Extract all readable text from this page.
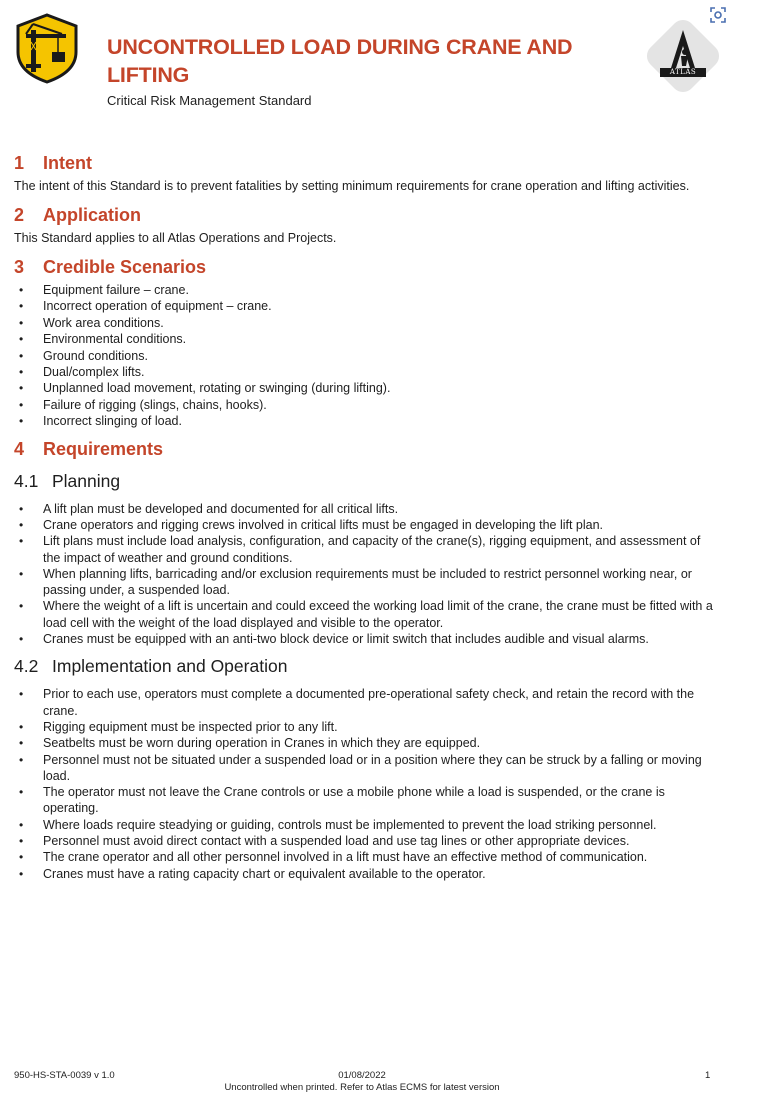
UNCONTROLLED LOAD DURING CRANE AND LIFTING
Critical Risk Management Standard
ATLAS
1	Intent

The intent of this Standard is to prevent fatalities by setting minimum requirements for crane operation and lifting activities.

2	Application

This Standard applies to all Atlas Operations and Projects.

3	Credible Scenarios
• Equipment failure – crane.
• Incorrect operation of equipment – crane.
• Work area conditions.
• Environmental conditions.
• Ground conditions.
• Dual/complex lifts.
• Unplanned load movement, rotating or swinging (during lifting).
• Failure of rigging (slings, chains, hooks).
• Incorrect slinging of load.
4	Requirements
4.1 Planning
• A lift plan must be developed and documented for all critical lifts.
• Crane operators and rigging crews involved in critical lifts must be engaged in developing the lift plan.
• Lift plans must include load analysis, configuration, and capacity of the crane(s), rigging equipment, and assessment of the impact of weather and ground conditions.
• When planning lifts, barricading and/or exclusion requirements must be included to restrict personnel working near, or passing under, a suspended load.
• Where the weight of a lift is uncertain and could exceed the working load limit of the crane, the crane must be fitted with a load cell with the weight of the load displayed and visible to the operator.
• Cranes must be equipped with an anti-two block device or limit switch that includes audible and visual alarms.
4.2 Implementation and Operation
• Prior to each use, operators must complete a documented pre-operational safety check, and retain the record with the crane.
• Rigging equipment must be inspected prior to any lift.
• Seatbelts must be worn during operation in Cranes in which they are equipped.
• Personnel must not be situated under a suspended load or in a position where they can be struck by a falling or moving load.
• The operator must not leave the Crane controls or use a mobile phone while a load is suspended, or the crane is operating.
• Where loads require steadying or guiding, controls must be implemented to prevent the load striking personnel.
• Personnel must avoid direct contact with a suspended load and use tag lines or other appropriate devices.
• The crane operator and all other personnel involved in a lift must have an effective method of communication.
• Cranes must have a rating capacity chart or equivalent available to the operator.
950-HS-STA-0039 v 1.0	01/08/2022
Uncontrolled when printed. Refer to Atlas ECMS for latest version
1
